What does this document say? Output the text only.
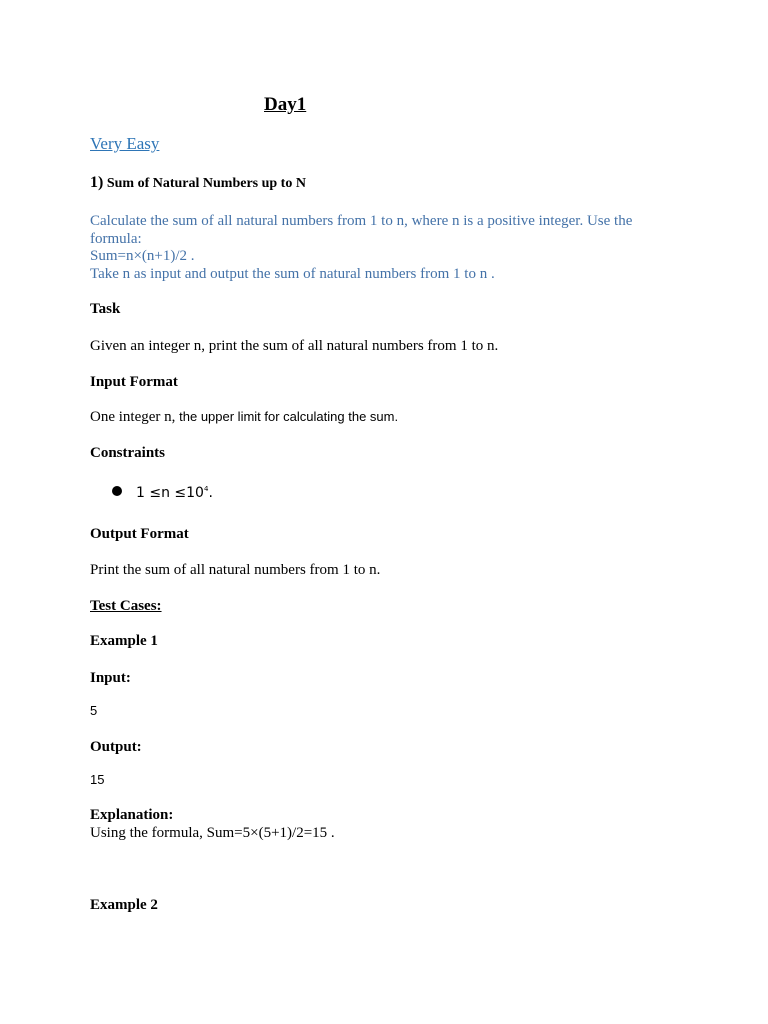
Day1
Very Easy
1) Sum of Natural Numbers up to N
Calculate the sum of all natural numbers from 1 to n, where n is a positive integer. Use the formula:
Sum=n×(n+1)/2 .
Take n as input and output the sum of natural numbers from 1 to n .
Task
Given an integer n, print the sum of all natural numbers from 1 to n.
Input Format
One integer n, the upper limit for calculating the sum.
Constraints
$1 \le n \le 10^4$.
Output Format
Print the sum of all natural numbers from 1 to n.
Test Cases:
Example 1
Input:
5
Output:
15
Explanation:
Using the formula, Sum=5×(5+1)/2=15 .
Example 2
